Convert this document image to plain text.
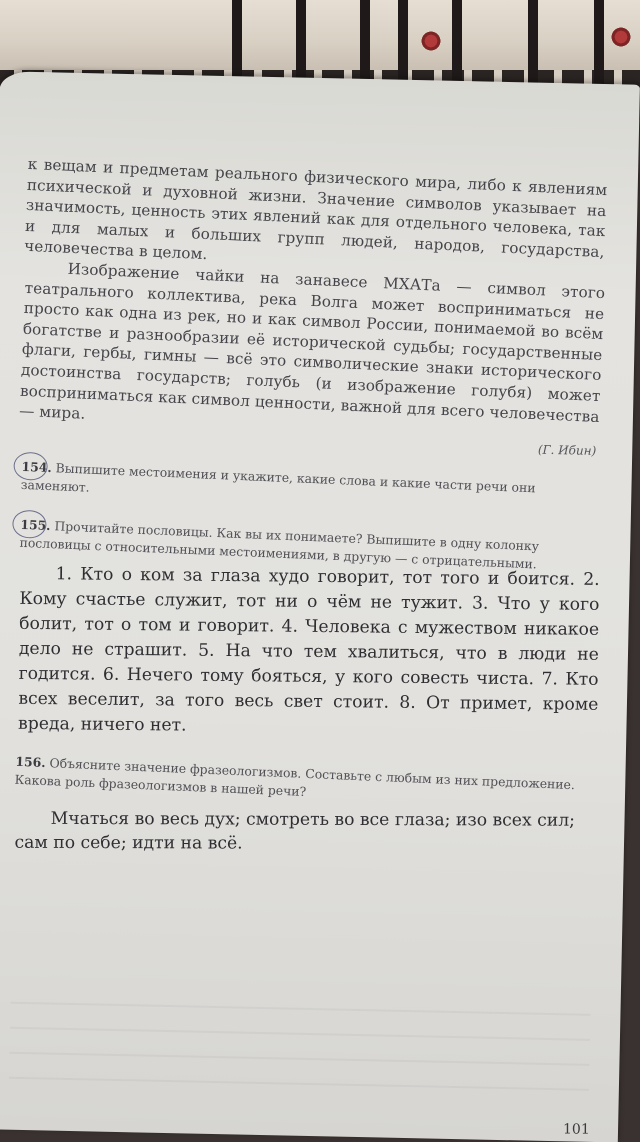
к вещам и предметам реального физического мира, либо к явлениям психической и духовной жизни. Значение символов указывает на значимость, ценность этих явлений как для отдельного человека, так и для малых и больших групп людей, народов, государства, человечества в целом.

Изображение чайки на занавесе МХАТа — символ этого театрального коллектива, река Волга может восприниматься не просто как одна из рек, но и как символ России, понимаемой во всём богатстве и разнообразии её исторической судьбы; государственные флаги, гербы, гимны — всё это символические знаки исторического достоинства государств; голубь (и изображение голубя) может восприниматься как символ ценности, важной для всего человечества — мира.

(Г. Ибин)
154. Выпишите местоимения и укажите, какие слова и какие части речи они заменяют.
155. Прочитайте пословицы. Как вы их понимаете? Выпишите в одну колонку пословицы с относительными местоимениями, в другую — с отрицательными.

1. Кто о ком за глаза худо говорит, тот того и боится. 2. Кому счастье служит, тот ни о чём не тужит. 3. Что у кого болит, тот о том и говорит. 4. Человека с мужеством никакое дело не страшит. 5. На что тем хвалиться, что в люди не годится. 6. Нечего тому бояться, у кого совесть чиста. 7. Кто всех веселит, за того весь свет стоит. 8. От примет, кроме вреда, ничего нет.

156. Объясните значение фразеологизмов. Составьте с любым из них предложение. Какова роль фразеологизмов в нашей речи?

Мчаться во весь дух; смотреть во все глаза; изо всех сил; сам по себе; идти на всё.

101
